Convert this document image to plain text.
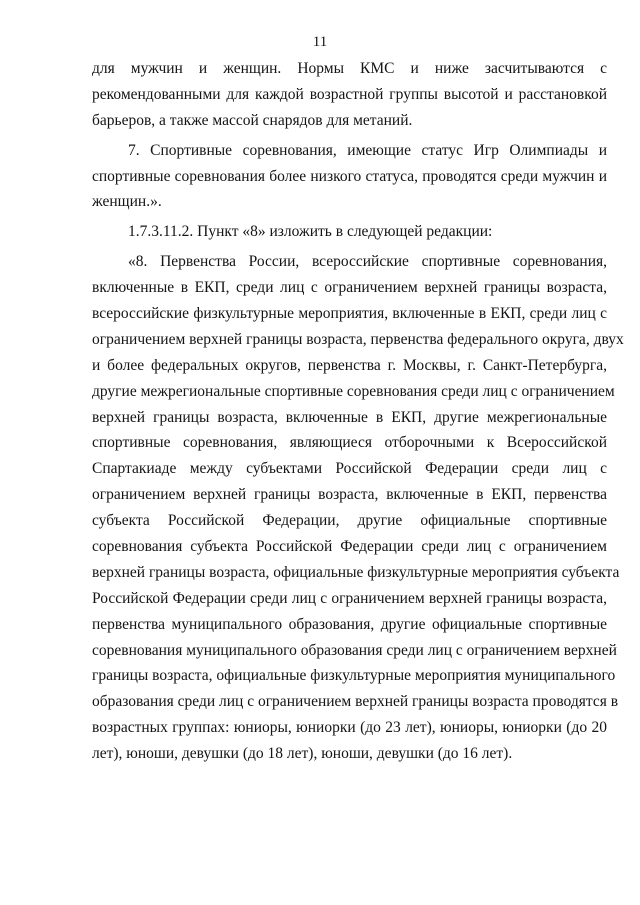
11
для мужчин и женщин. Нормы КМС и ниже засчитываются с
рекомендованными для каждой возрастной группы высотой и расстановкой
барьеров, а также массой снарядов для метаний.
7. Спортивные соревнования, имеющие статус Игр Олимпиады и
спортивные соревнования более низкого статуса, проводятся среди мужчин и
женщин.».
1.7.3.11.2. Пункт «8» изложить в следующей редакции:
«8. Первенства России, всероссийские спортивные соревнования,
включенные в ЕКП, среди лиц с ограничением верхней границы возраста,
всероссийские физкультурные мероприятия, включенные в ЕКП, среди лиц с
ограничением верхней границы возраста, первенства федерального округа, двух
и более федеральных округов, первенства г. Москвы, г. Санкт-Петербурга,
другие межрегиональные спортивные соревнования среди лиц с ограничением
верхней границы возраста, включенные в ЕКП, другие межрегиональные
спортивные соревнования, являющиеся отборочными к Всероссийской
Спартакиаде между субъектами Российской Федерации среди лиц с
ограничением верхней границы возраста, включенные в ЕКП, первенства
субъекта Российской Федерации, другие официальные спортивные
соревнования субъекта Российской Федерации среди лиц с ограничением
верхней границы возраста, официальные физкультурные мероприятия субъекта
Российской Федерации среди лиц с ограничением верхней границы возраста,
первенства муниципального образования, другие официальные спортивные
соревнования муниципального образования среди лиц с ограничением верхней
границы возраста, официальные физкультурные мероприятия муниципального
образования среди лиц с ограничением верхней границы возраста проводятся в
возрастных группах: юниоры, юниорки (до 23 лет), юниоры, юниорки (до 20
лет), юноши, девушки (до 18 лет), юноши, девушки (до 16 лет).
